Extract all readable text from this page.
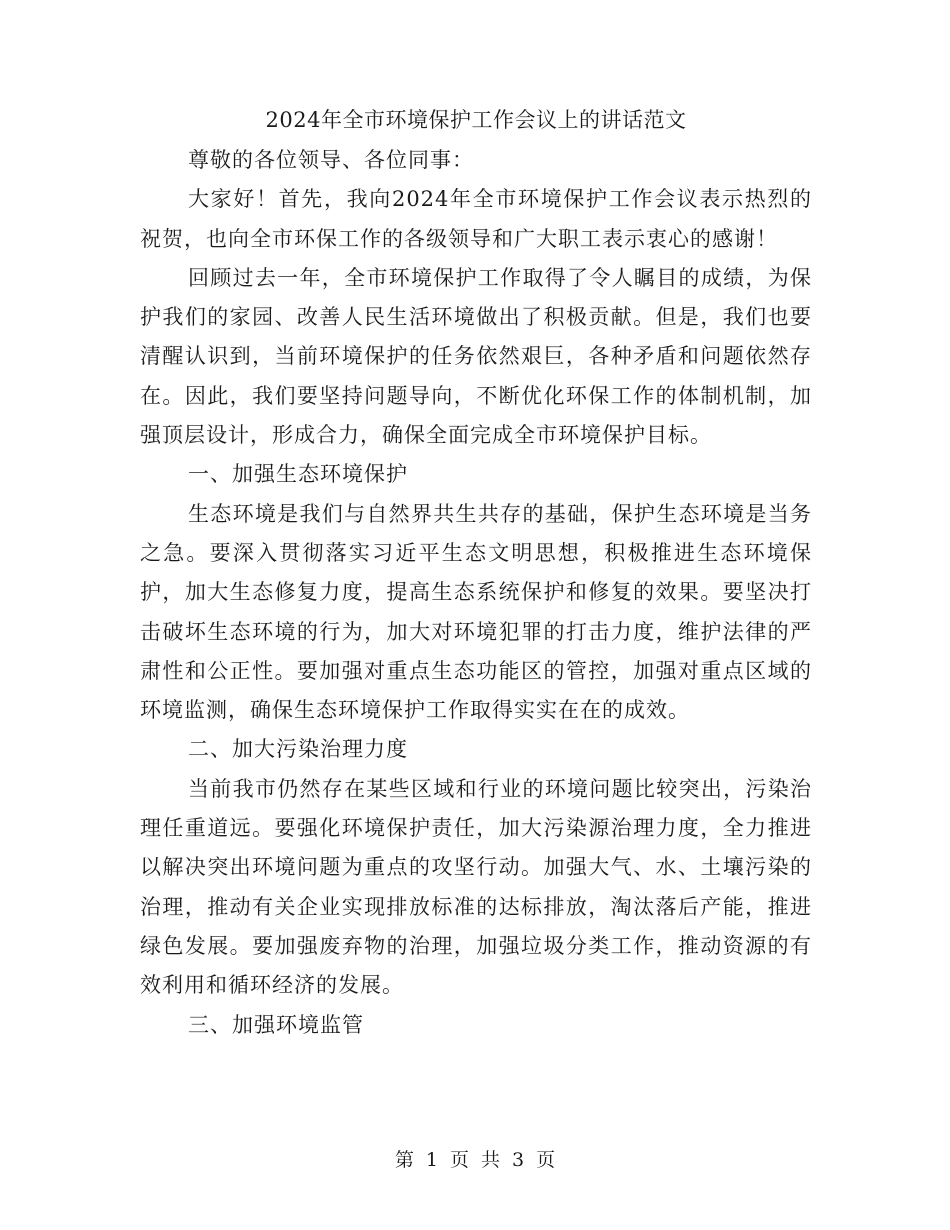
2024年全市环境保护工作会议上的讲话范文

尊敬的各位领导、各位同事：

大家好！首先，我向2024年全市环境保护工作会议表示热烈的祝贺，也向全市环保工作的各级领导和广大职工表示衷心的感谢！

回顾过去一年，全市环境保护工作取得了令人瞩目的成绩，为保护我们的家园、改善人民生活环境做出了积极贡献。但是，我们也要清醒认识到，当前环境保护的任务依然艰巨，各种矛盾和问题依然存在。因此，我们要坚持问题导向，不断优化环保工作的体制机制，加强顶层设计，形成合力，确保全面完成全市环境保护目标。

一、加强生态环境保护

生态环境是我们与自然界共生共存的基础，保护生态环境是当务之急。要深入贯彻落实习近平生态文明思想，积极推进生态环境保护，加大生态修复力度，提高生态系统保护和修复的效果。要坚决打击破坏生态环境的行为，加大对环境犯罪的打击力度，维护法律的严肃性和公正性。要加强对重点生态功能区的管控，加强对重点区域的环境监测，确保生态环境保护工作取得实实在在的成效。

二、加大污染治理力度

当前我市仍然存在某些区域和行业的环境问题比较突出，污染治理任重道远。要强化环境保护责任，加大污染源治理力度，全力推进以解决突出环境问题为重点的攻坚行动。加强大气、水、土壤污染的治理，推动有关企业实现排放标准的达标排放，淘汰落后产能，推进绿色发展。要加强废弃物的治理，加强垃圾分类工作，推动资源的有效利用和循环经济的发展。

三、加强环境监管

第 1 页 共 3 页
